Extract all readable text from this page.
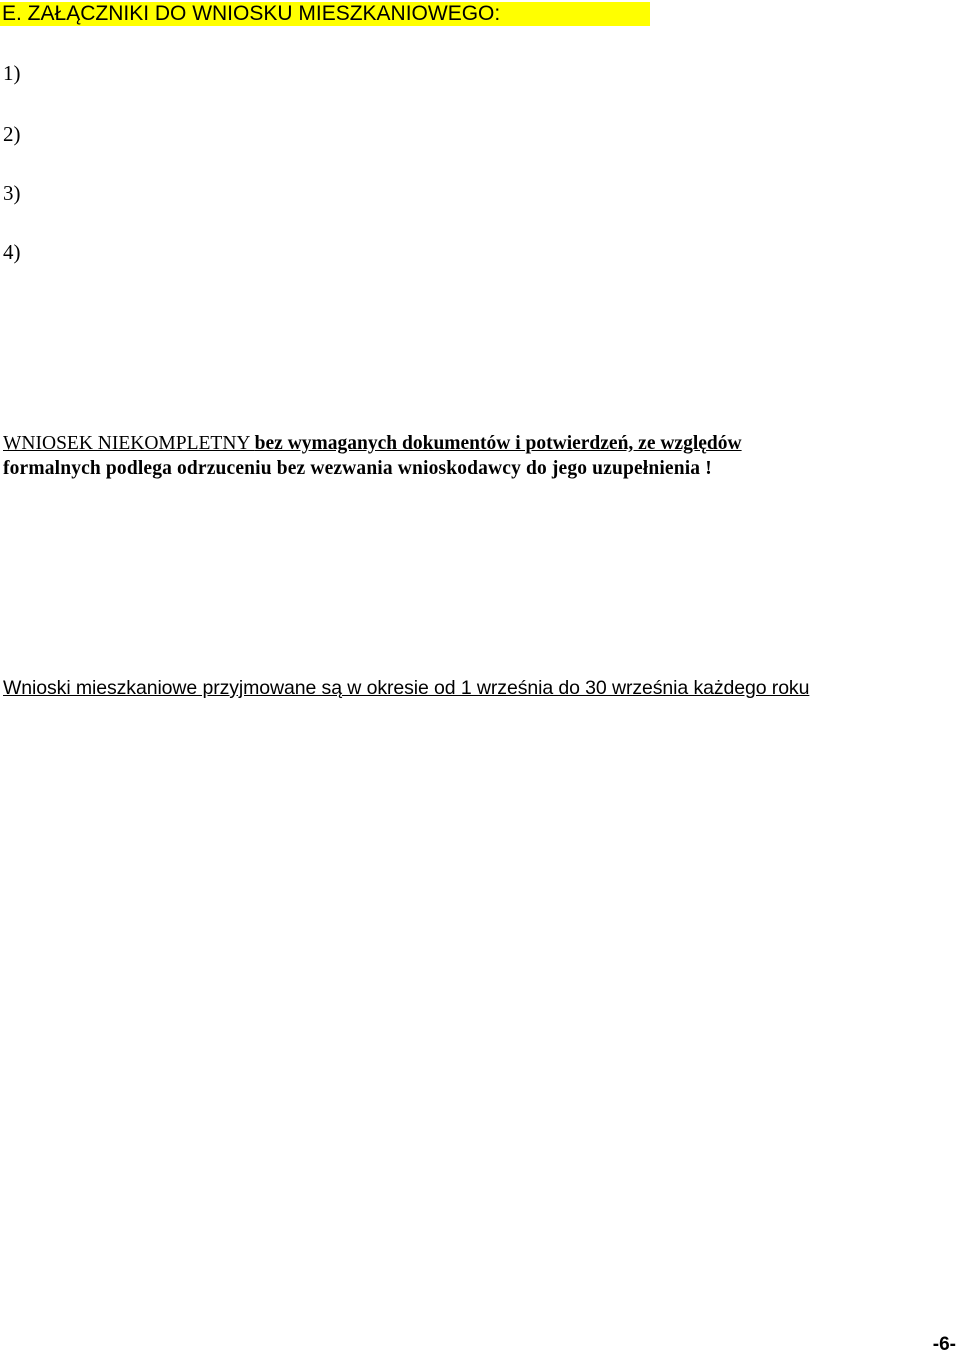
E. ZAŁĄCZNIKI DO WNIOSKU MIESZKANIOWEGO:
1)
2)
3)
4)
WNIOSEK NIEKOMPLETNY bez wymaganych dokumentów i potwierdzeń, ze względów
formalnych podlega odrzuceniu bez wezwania wnioskodawcy do jego uzupełnienia !
Wnioski mieszkaniowe przyjmowane są w okresie od 1 września do 30 września każdego roku
-6-
